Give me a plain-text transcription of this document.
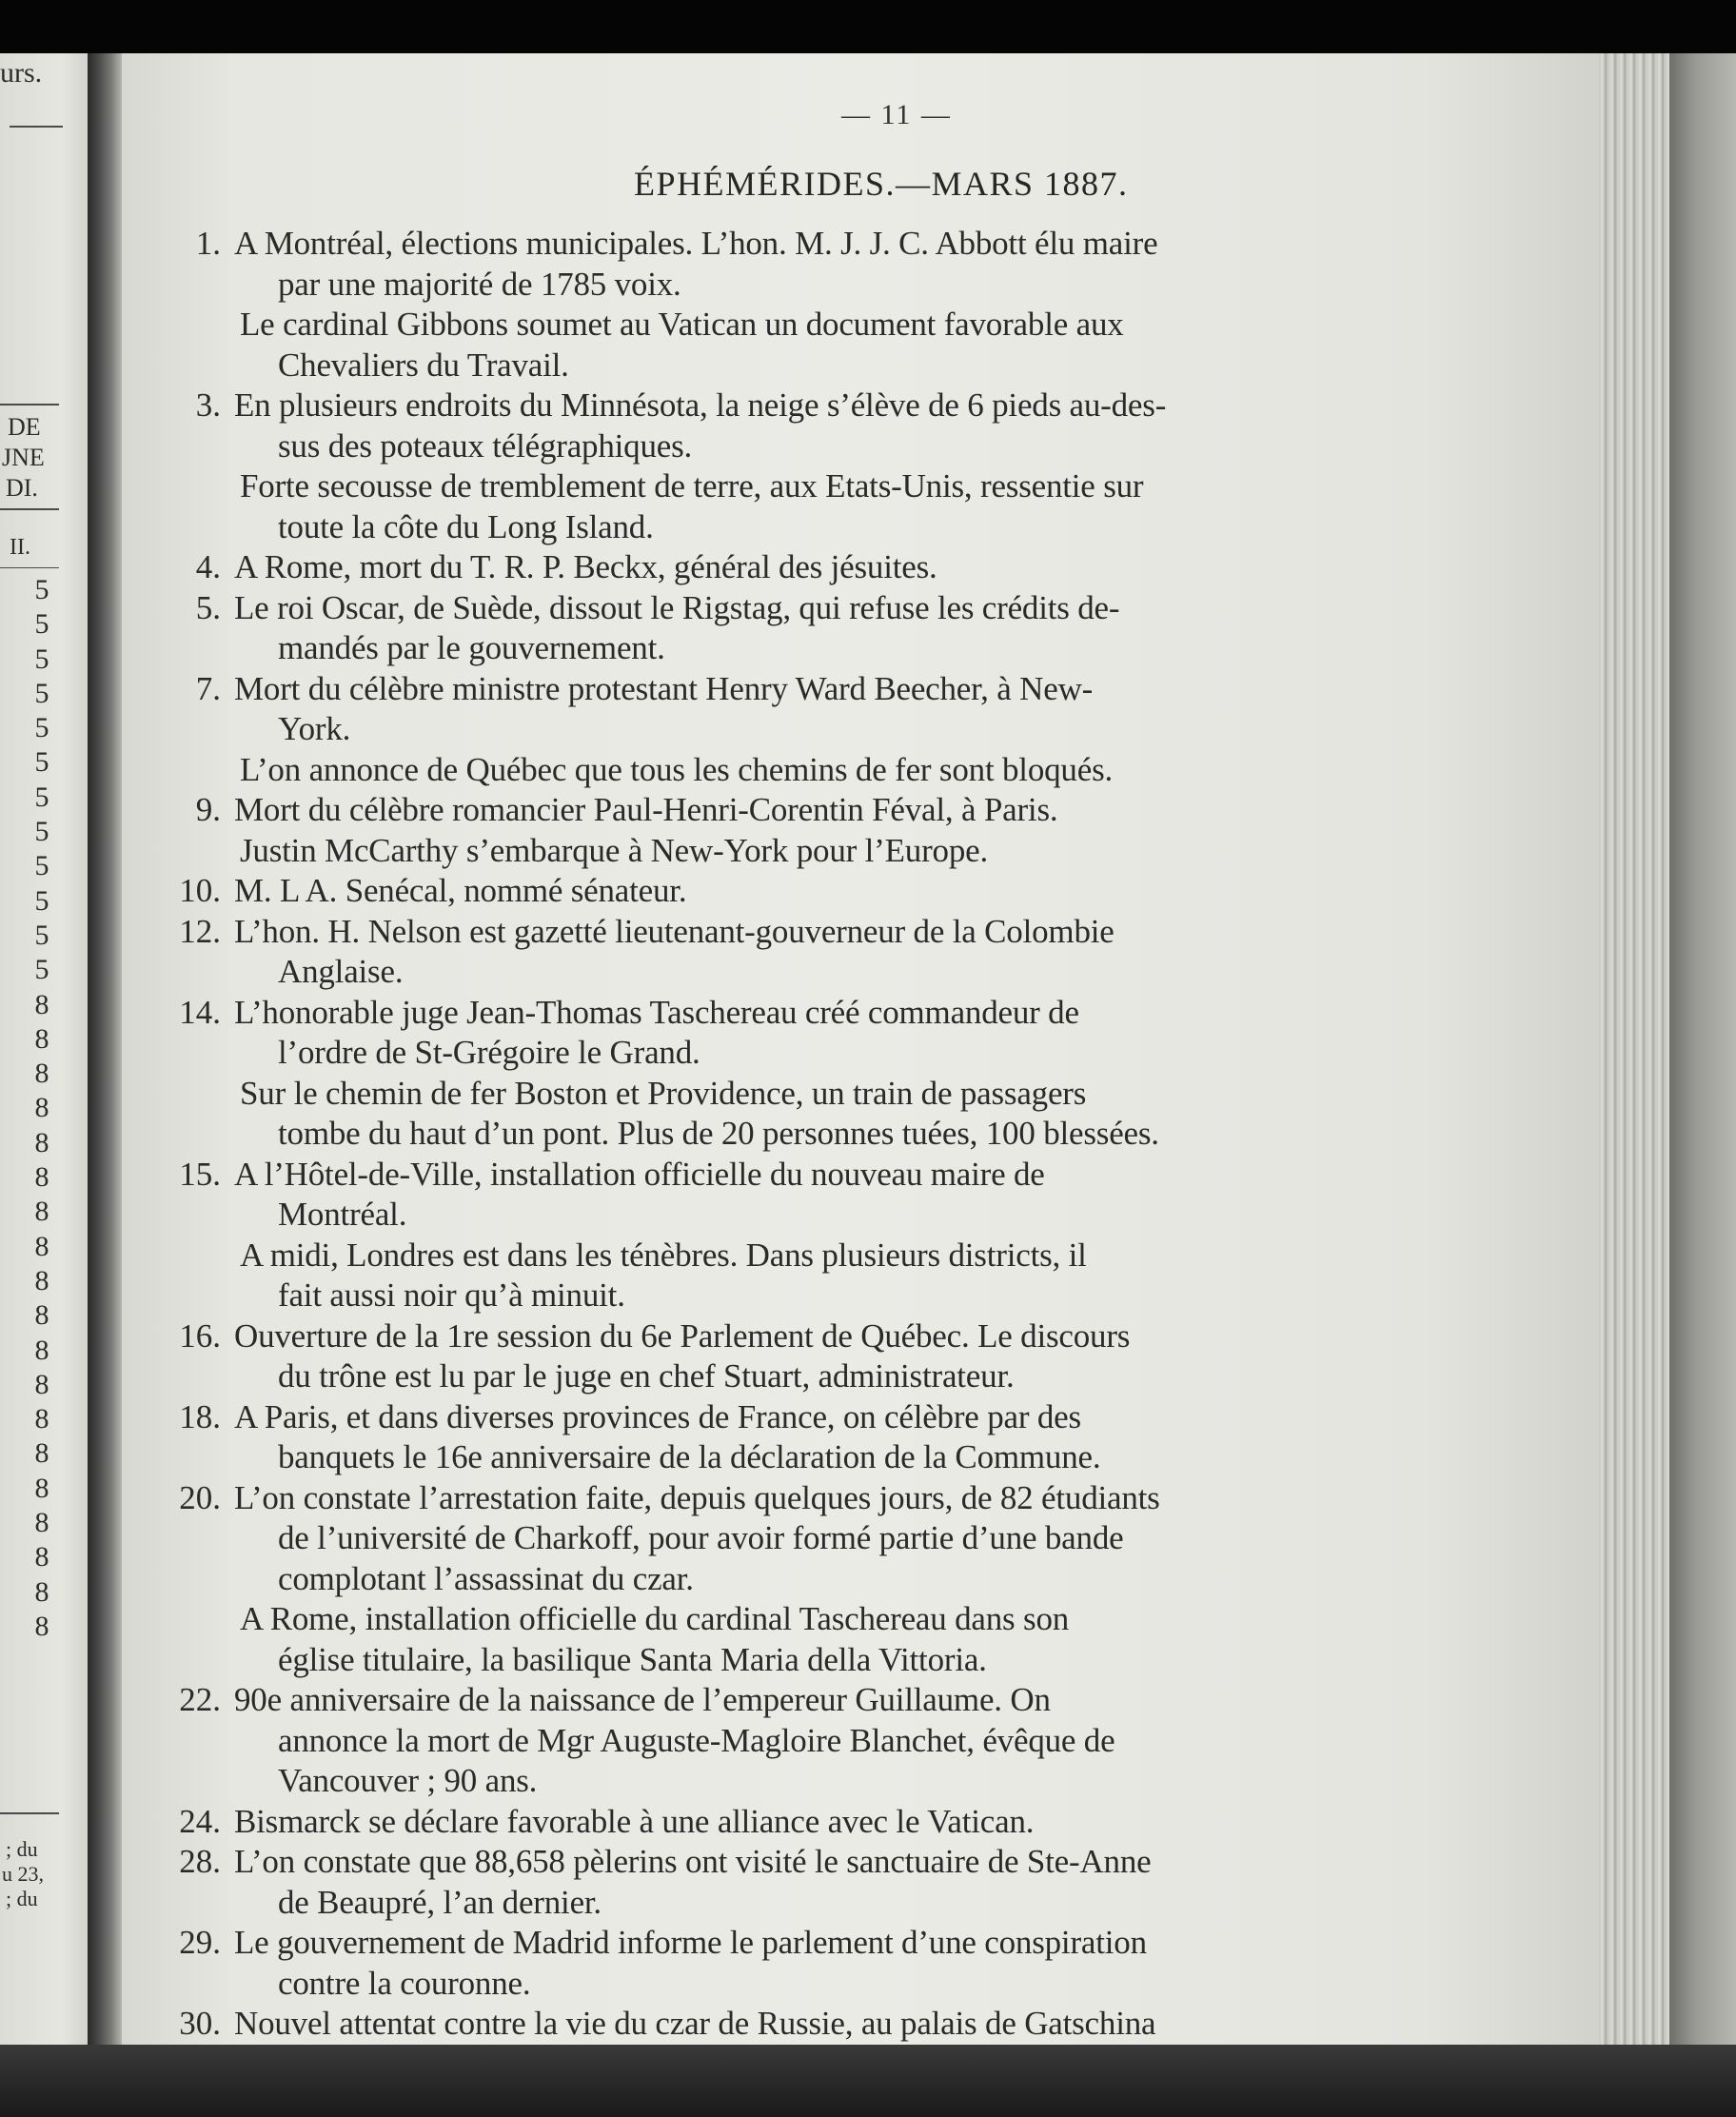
urs.
DE
JNE
DI.
II.
5
5
5
5
5
5
5
5
5
5
5
5
8
8
8
8
8
8
8
8
8
8
8
8
8
8
8
8
8
8
8
; du
u 23,
; du
— 11 —
ÉPHÉMÉRIDES.—MARS 1887.
1. A Montréal, élections municipales. L’hon. M. J. J. C. Abbott élu maire
par une majorité de 1785 voix.
Le cardinal Gibbons soumet au Vatican un document favorable aux
Chevaliers du Travail.
3. En plusieurs endroits du Minnésota, la neige s’élève de 6 pieds au-des-
sus des poteaux télégraphiques.
Forte secousse de tremblement de terre, aux Etats-Unis, ressentie sur
toute la côte du Long Island.
4. A Rome, mort du T. R. P. Beckx, général des jésuites.
5. Le roi Oscar, de Suède, dissout le Rigstag, qui refuse les crédits de-
mandés par le gouvernement.
7. Mort du célèbre ministre protestant Henry Ward Beecher, à New-
York.
L’on annonce de Québec que tous les chemins de fer sont bloqués.
9. Mort du célèbre romancier Paul-Henri-Corentin Féval, à Paris.
Justin McCarthy s’embarque à New-York pour l’Europe.
10. M. L A. Senécal, nommé sénateur.
12. L’hon. H. Nelson est gazetté lieutenant-gouverneur de la Colombie
Anglaise.
14. L’honorable juge Jean-Thomas Taschereau créé commandeur de
l’ordre de St-Grégoire le Grand.
Sur le chemin de fer Boston et Providence, un train de passagers
tombe du haut d’un pont. Plus de 20 personnes tuées, 100 blessées.
15. A l’Hôtel-de-Ville, installation officielle du nouveau maire de
Montréal.
A midi, Londres est dans les ténèbres. Dans plusieurs districts, il
fait aussi noir qu’à minuit.
16. Ouverture de la 1re session du 6e Parlement de Québec. Le discours
du trône est lu par le juge en chef Stuart, administrateur.
18. A Paris, et dans diverses provinces de France, on célèbre par des
banquets le 16e anniversaire de la déclaration de la Commune.
20. L’on constate l’arrestation faite, depuis quelques jours, de 82 étudiants
de l’université de Charkoff, pour avoir formé partie d’une bande
complotant l’assassinat du czar.
A Rome, installation officielle du cardinal Taschereau dans son
église titulaire, la basilique Santa Maria della Vittoria.
22. 90e anniversaire de la naissance de l’empereur Guillaume. On
annonce la mort de Mgr Auguste-Magloire Blanchet, évêque de
Vancouver ; 90 ans.
24. Bismarck se déclare favorable à une alliance avec le Vatican.
28. L’on constate que 88,658 pèlerins ont visité le sanctuaire de Ste-Anne
de Beaupré, l’an dernier.
29. Le gouvernement de Madrid informe le parlement d’une conspiration
contre la couronne.
30. Nouvel attentat contre la vie du czar de Russie, au palais de Gatschina
